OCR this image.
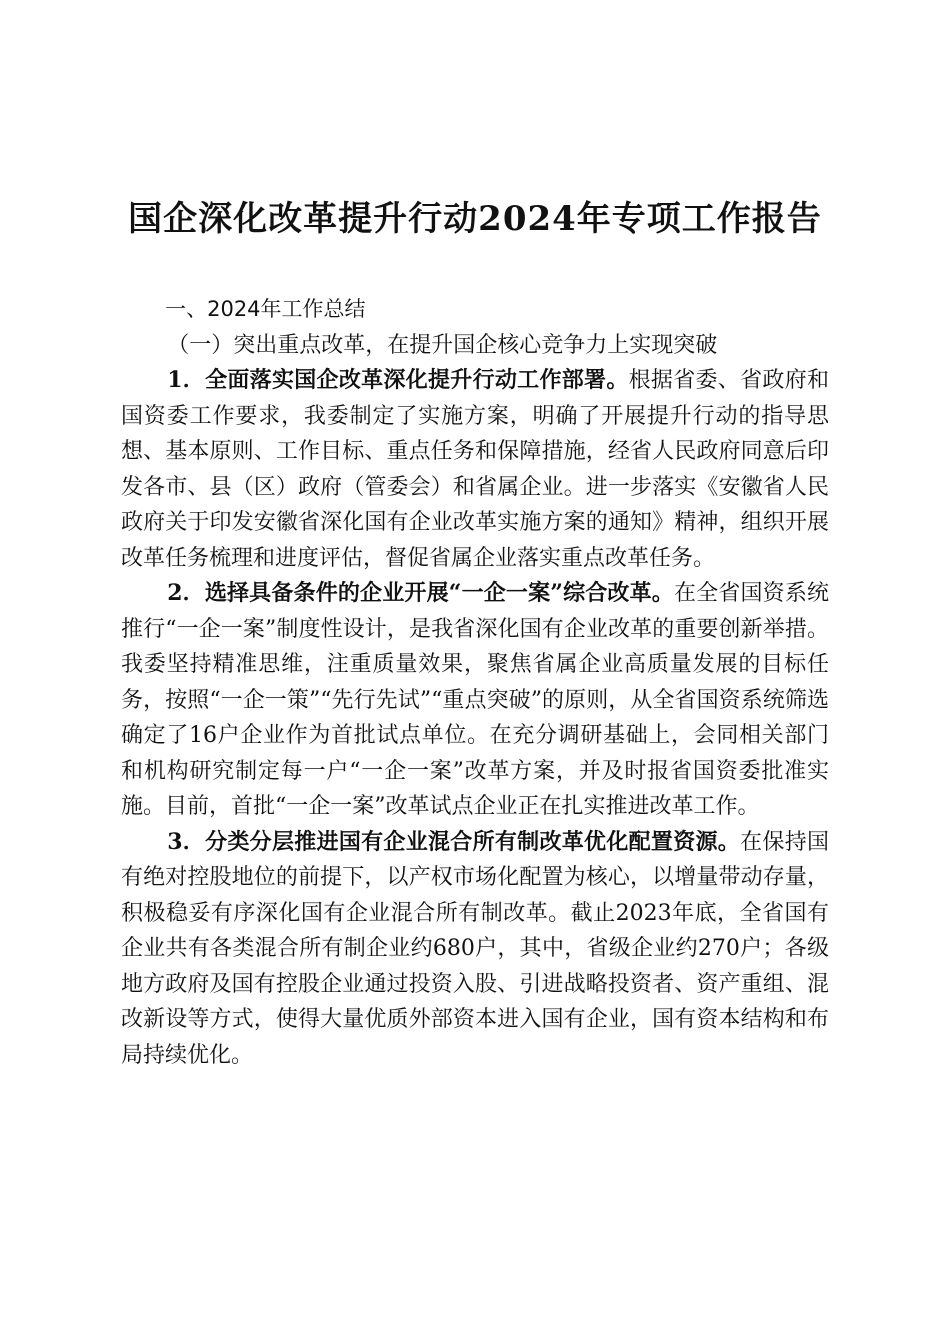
国企深化改革提升行动2024年专项工作报告

一、2024年工作总结

（一）突出重点改革，在提升国企核心竞争力上实现突破

1．全面落实国企改革深化提升行动工作部署。根据省委、省政府和国资委工作要求，我委制定了实施方案，明确了开展提升行动的指导思想、基本原则、工作目标、重点任务和保障措施，经省人民政府同意后印发各市、县（区）政府（管委会）和省属企业。进一步落实《安徽省人民政府关于印发安徽省深化国有企业改革实施方案的通知》精神，组织开展改革任务梳理和进度评估，督促省属企业落实重点改革任务。

2．选择具备条件的企业开展“一企一案”综合改革。在全省国资系统推行“一企一案”制度性设计，是我省深化国有企业改革的重要创新举措。我委坚持精准思维，注重质量效果，聚焦省属企业高质量发展的目标任务，按照“一企一策”“先行先试”“重点突破”的原则，从全省国资系统筛选确定了16户企业作为首批试点单位。在充分调研基础上，会同相关部门和机构研究制定每一户“一企一案”改革方案，并及时报省国资委批准实施。目前，首批“一企一案”改革试点企业正在扎实推进改革工作。

3．分类分层推进国有企业混合所有制改革优化配置资源。在保持国有绝对控股地位的前提下，以产权市场化配置为核心，以增量带动存量，积极稳妥有序深化国有企业混合所有制改革。截止2023年底，全省国有企业共有各类混合所有制企业约680户，其中，省级企业约270户；各级地方政府及国有控股企业通过投资入股、引进战略投资者、资产重组、混改新设等方式，使得大量优质外部资本进入国有企业，国有资本结构和布局持续优化。
